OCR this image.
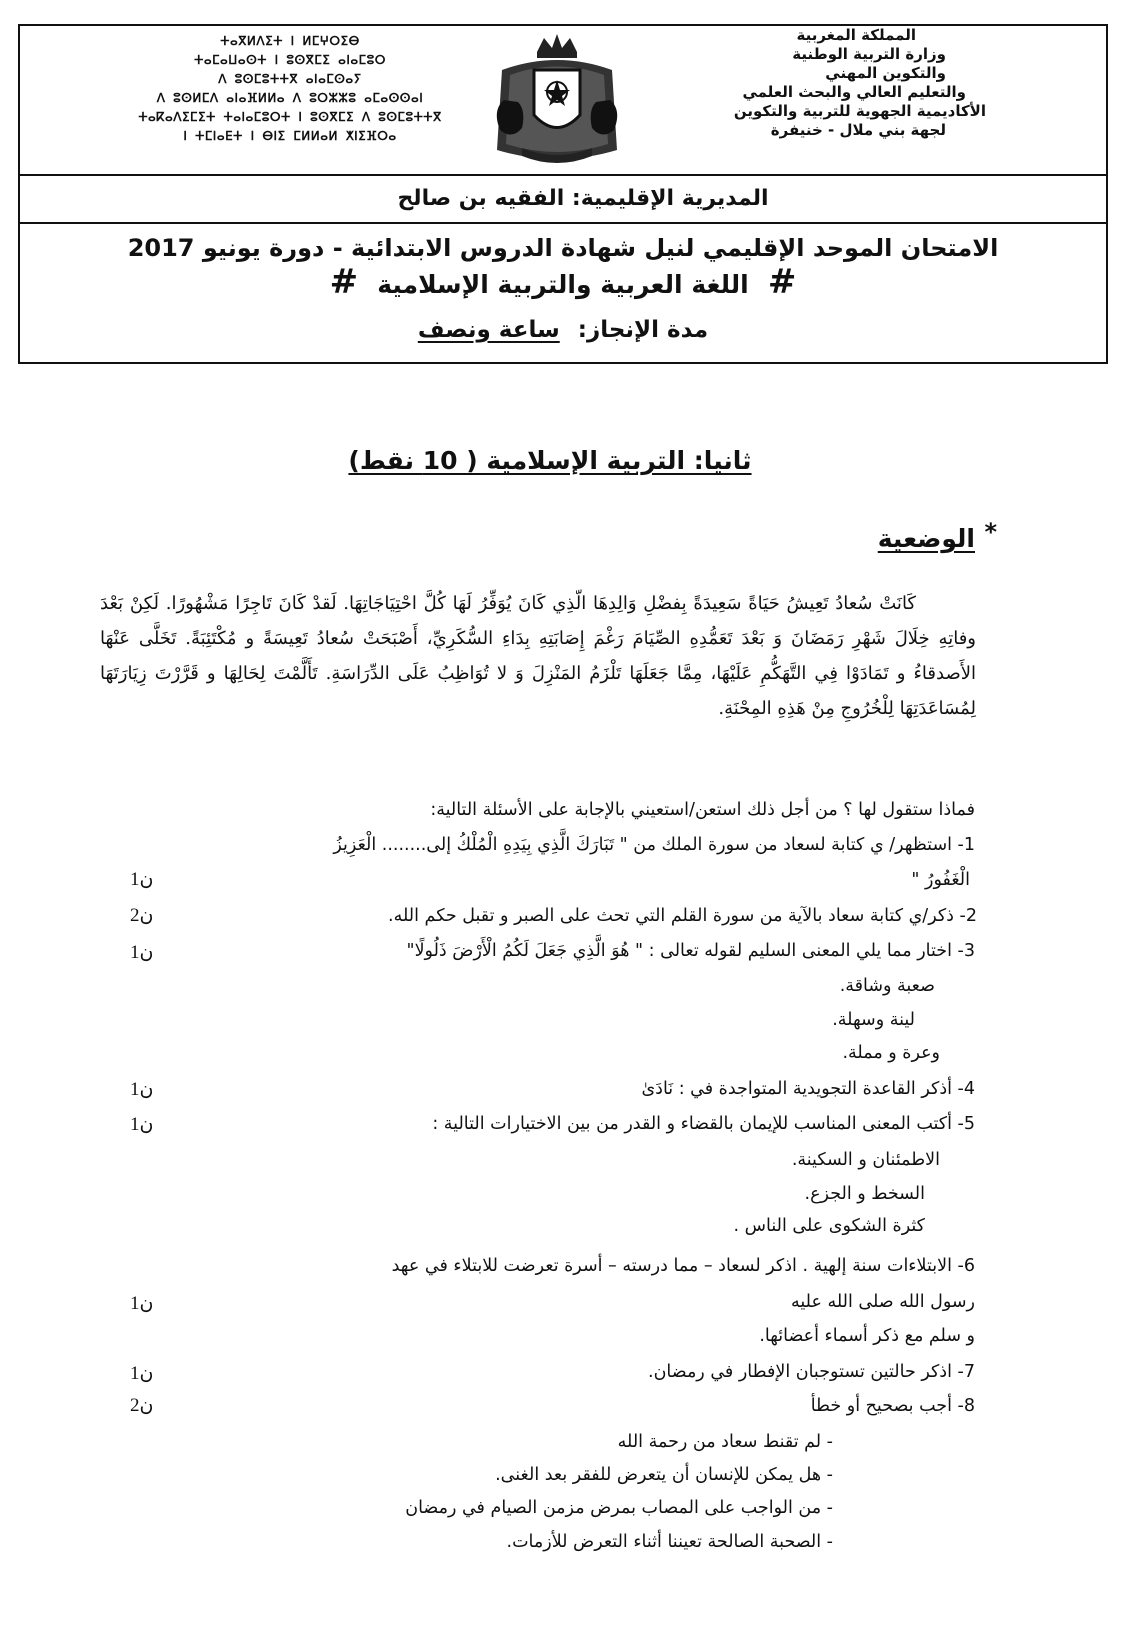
ⵜⴰⴳⵍⴷⵉⵜ ⵏ ⵍⵎⵖⵔⵉⴱ
ⵜⴰⵎⴰⵡⴰⵙⵜ ⵏ ⵓⵙⴳⵎⵉ ⴰⵏⴰⵎⵓⵔ
ⴷ ⵓⵙⵎⵓⵜⵜⴳ ⴰⵏⴰⵎⵙⴰⵢ
ⴷ ⵓⵙⵍⵎⴷ ⴰⵏⴰⴼⵍⵍⴰ ⴷ ⵓⵔⵣⵣⵓ ⴰⵎⴰⵙⵙⴰⵏ
ⵜⴰⴽⴰⴷⵉⵎⵉⵜ ⵜⴰⵏⴰⵎⵓⵔⵜ ⵏ ⵓⵙⴳⵎⵉ ⴷ ⵓⵙⵎⵓⵜⵜⴳ
ⵏ ⵜⵎⵏⴰⴹⵜ ⵏ ⴱⵏⵉ ⵎⵍⵍⴰⵍ ⵅⵏⵉⴼⵔⴰ
المملكة المغربية
وزارة التربية الوطنية
والتكوين المهني
والتعليم العالي والبحث العلمي
الأكاديمية الجهوية للتربية والتكوين
لجهة بني ملال - خنيفرة
المديرية الإقليمية: الفقيه بن صالح
الامتحان الموحد الإقليمي لنيل شهادة الدروس الابتدائية - دورة يونيو 2017
# اللغة العربية والتربية الإسلامية #
مدة الإنجاز: ساعة ونصف
ثانيا: التربية الإسلامية ( 10 نقط)
الوضعية *
كَانَتْ سُعادُ تَعِيشُ حَيَاةً سَعِيدَةً بِفضْلِ وَالِدِهَا الّذِي كَانَ يُوَفِّرُ لَهَا كُلَّ احْتِيَاجَاتِهَا. لَقدْ كَانَ تَاجِرًا مَشْهُورًا. لَكِنْ بَعْدَ وفاتِهِ خِلَالَ شَهْرِ رَمَضَانَ وَ بَعْدَ تَعَمُّدِهِ الصِّيَامَ رَغْمَ إِصَابَتِهِ بِدَاءِ السُّكَرِيِّ، أَصْبَحَتْ سُعادُ تَعِيسَةً و مُكْتَئِبَةً. تَخَلَّى عَنْهَا الأَصدقاءُ و تَمَادَوْا فِي التَّهَكُّمِ عَلَيْهَا، مِمَّا جَعَلَهَا تَلْزَمُ المَنْزِلَ وَ لا تُوَاظِبُ عَلَى الدِّرَاسَةِ. تَأَلَّمْتَ لِحَالِهَا و قَرَّرْتَ زِيَارَتَهَا لِمُسَاعَدَتِهَا لِلْخُرُوجِ مِنْ هَذِهِ المِحْنَةِ.
فماذا ستقول لها ؟ من أجل ذلك استعن/استعيني بالإجابة على الأسئلة التالية:
1- استظهر/ ي كتابة لسعاد من سورة الملك من " تَبَارَكَ الَّذِي بِيَدِهِ الْمُلْكُ إلى........ الْعَزِيزُ
الْغَفُورُ "
1ن
2- ذكر/ي كتابة سعاد بالآية من سورة القلم التي تحث على الصبر و تقبل حكم الله.
2ن
3- اختار مما يلي المعنى السليم لقوله تعالى : " هُوَ الَّذِي جَعَلَ لَكُمُ الْأَرْضَ ذَلُولًا"
1ن
صعبة وشاقة.
لينة وسهلة.
وعرة و مملة.
4- أذكر القاعدة التجويدية المتواجدة في : نَادَىٰ
1ن
5- أكتب المعنى المناسب للإيمان بالقضاء و القدر من بين الاختيارات التالية :
1ن
الاطمئنان و السكينة.
السخط و الجزع.
كثرة الشكوى على الناس .
6- الابتلاءات سنة إلهية . اذكر لسعاد – مما درسته – أسرة تعرضت للابتلاء في عهد
رسول الله صلى الله عليه
1ن
و سلم مع ذكر أسماء أعضائها.
7- اذكر حالتين تستوجبان الإفطار في رمضان.
1ن
8- أجب بصحيح أو خطأ
2ن
- لم تقنط سعاد من رحمة الله
- هل يمكن للإنسان أن يتعرض للفقر بعد الغنى.
- من الواجب على المصاب بمرض مزمن الصيام في رمضان
- الصحبة الصالحة تعيننا أثناء التعرض للأزمات.
